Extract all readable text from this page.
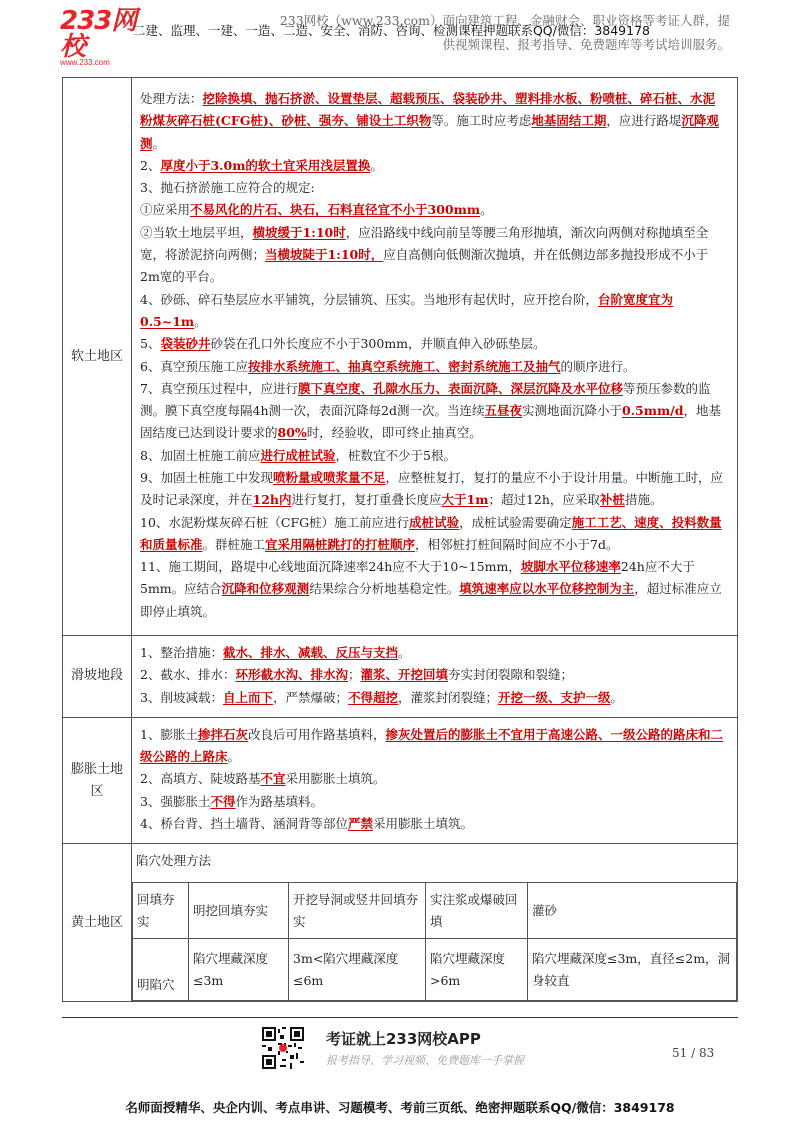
233网校
www.233.com
233网校（www.233.com）面向建筑工程、金融财会、职业资格等考证人群，提
二建、监理、一建、一造、二造、安全、消防、咨询、检测课程押题联系QQ/微信：3849178
供视频课程、报考指导、免费题库等考试培训服务。
软土地区	

处理方法：挖除换填、抛石挤淤、设置垫层、超载预压、袋装砂井、塑料排水板、粉喷桩、碎石桩、水泥粉煤灰碎石桩(CFG桩)、砂桩、强夯、铺设土工织物等。施工时应考虑地基固结工期，应进行路堤沉降观测。

2、厚度小于3.0m的软土宜采用浅层置换。

3、抛石挤淤施工应符合的规定:

①应采用不易风化的片石、块石，石料直径宜不小于300mm。

②当软土地层平坦，横坡缓于1:10时，应沿路线中线向前呈等腰三角形抛填，渐次向两侧对称抛填至全宽，将淤泥挤向两侧；当横坡陡于1:10时，应自高侧向低侧渐次抛填，并在低侧边部多抛投形成不小于2m宽的平台。

4、砂砾、碎石垫层应水平铺筑，分层铺筑、压实。当地形有起伏时，应开挖台阶，台阶宽度宜为0.5~1m。

5、袋装砂井砂袋在孔口外长度应不小于300mm，并顺直伸入砂砾垫层。

6、真空预压施工应按排水系统施工、抽真空系统施工、密封系统施工及抽气的顺序进行。

7、真空预压过程中，应进行膜下真空度、孔隙水压力、表面沉降、深层沉降及水平位移等预压参数的监测。膜下真空度每隔4h测一次，表面沉降每2d测一次。当连续五昼夜实测地面沉降小于0.5mm/d，地基固结度已达到设计要求的80%时，经验收，即可终止抽真空。

8、加固土桩施工前应进行成桩试验，桩数宜不少于5根。

9、加固土桩施工中发现喷粉量或喷浆量不足，应整桩复打，复打的量应不小于设计用量。中断施工时，应及时记录深度，并在12h内进行复打，复打重叠长度应大于1m；超过12h，应采取补桩措施。

10、水泥粉煤灰碎石桩（CFG桩）施工前应进行成桩试验，成桩试验需要确定施工工艺、速度、投料数量和质量标准。群桩施工宜采用隔桩跳打的打桩顺序，相邻桩打桩间隔时间应不小于7d。

11、施工期间，路堤中心线地面沉降速率24h应不大于10~15mm，坡脚水平位移速率24h应不大于5mm。应结合沉降和位移观测结果综合分析地基稳定性。填筑速率应以水平位移控制为主，超过标准应立即停止填筑。

滑坡地段	

1、整治措施：截水、排水、减载、反压与支挡。

2、截水、排水：环形截水沟、排水沟；灌浆、开挖回填夯实封闭裂隙和裂缝；

3、削坡减载：自上而下，严禁爆破；不得超挖，灌浆封闭裂缝；开挖一级、支护一级。

膨胀土地区	

1、膨胀土掺拌石灰改良后可用作路基填料，掺灰处置后的膨胀土不宜用于高速公路、一级公路的路床和二级公路的上路床。

2、高填方、陡坡路基不宜采用膨胀土填筑。

3、强膨胀土不得作为路基填料。

4、桥台背、挡土墙背、涵洞背等部位严禁采用膨胀土填筑。

黄土地区	
陷穴处理方法
回填夯实	明挖回填夯实	开挖导洞或竖井回填夯实	实注浆或爆破回填	灌砂
明陷穴	陷穴埋藏深度≤3m	3m<陷穴埋藏深度≤6m	陷穴埋藏深度>6m	陷穴埋藏深度≤3m，直径≤2m，洞身较直
考证就上233网校APP
报考指导、学习视频、免费题库一手掌握
51 / 83
名师面授精华、央企内训、考点串讲、习题模考、考前三页纸、绝密押题联系QQ/微信：3849178
